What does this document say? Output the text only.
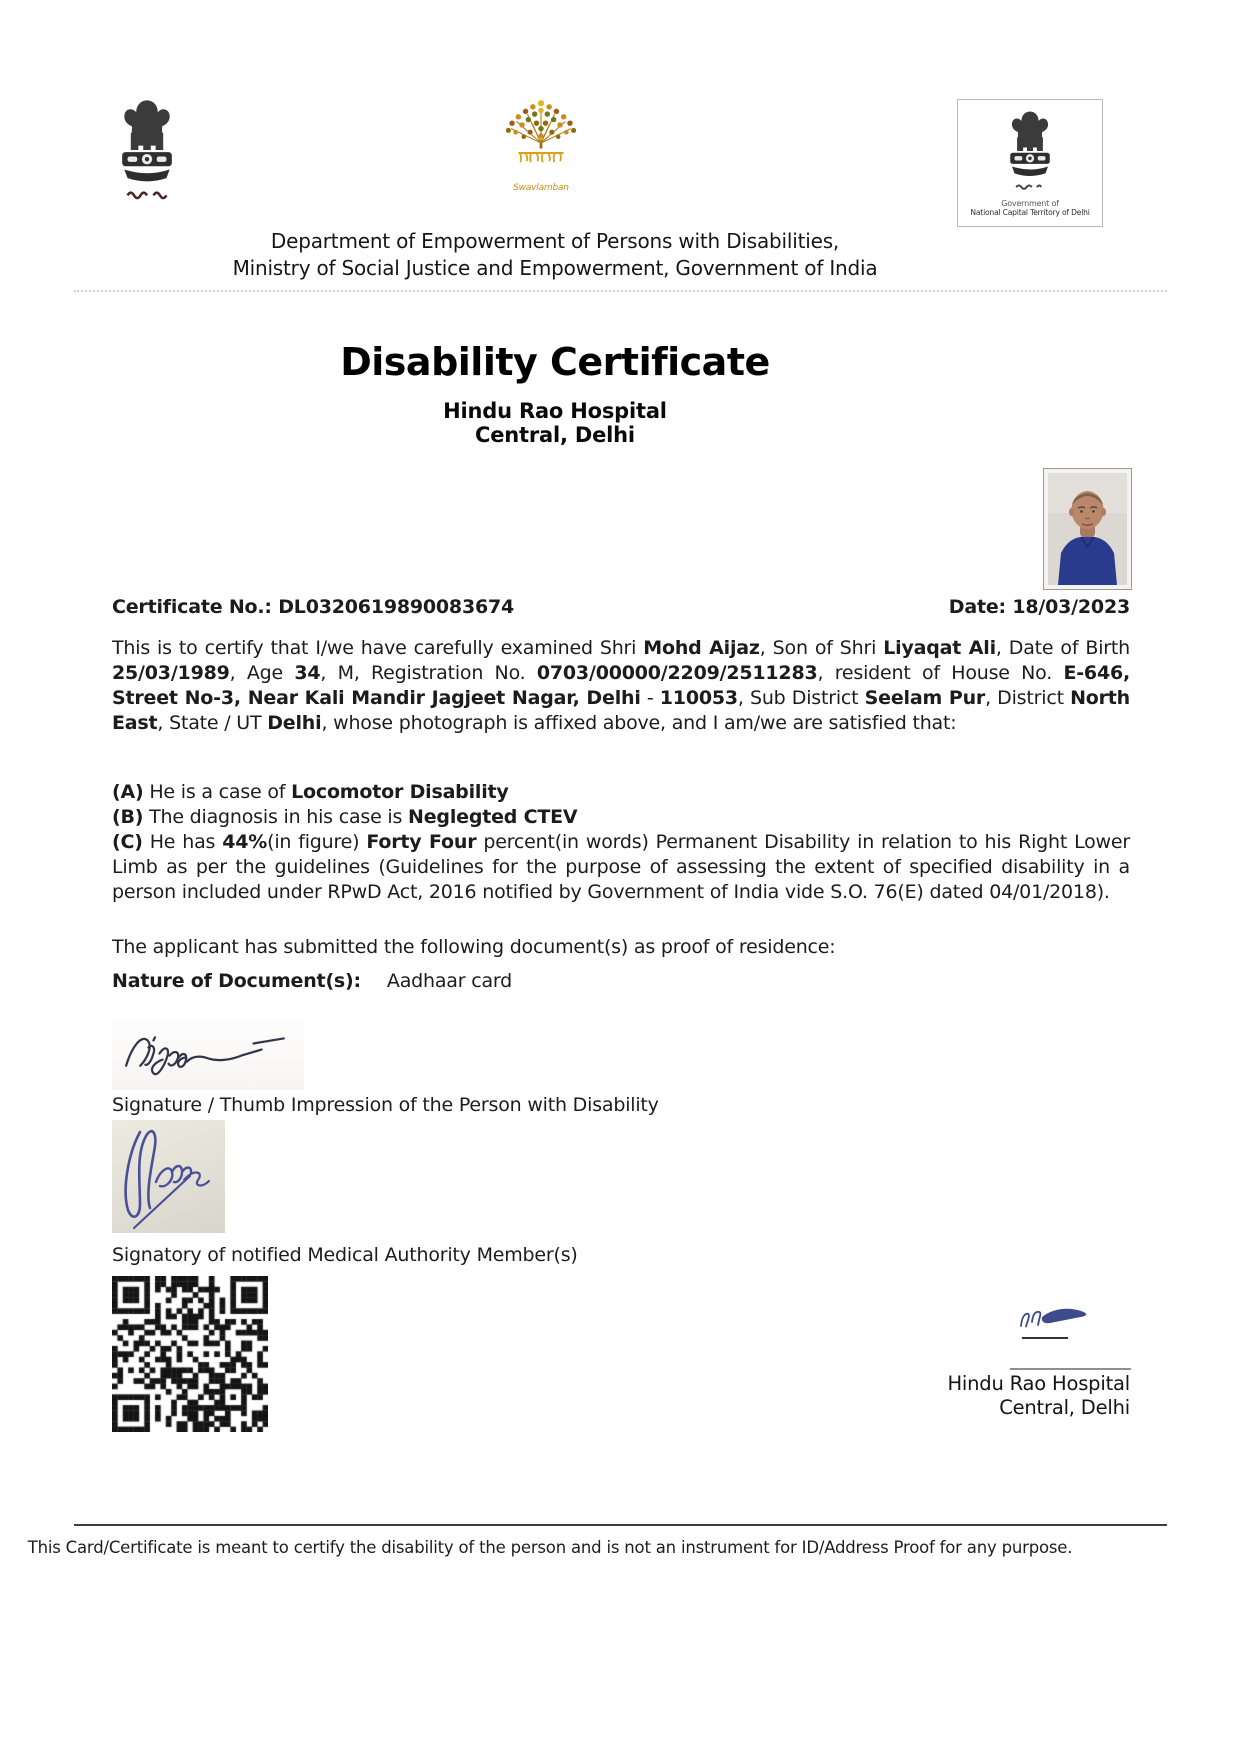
Swavlamban
Government of
National Capital Territory of Delhi
Department of Empowerment of Persons with Disabilities,
Ministry of Social Justice and Empowerment, Government of India
Disability Certificate
Hindu Rao Hospital
Central, Delhi
Certificate No.: DL0320619890083674	Date: 18/03/2023
This is to certify that I/we have carefully examined Shri Mohd Aijaz, Son of Shri Liyaqat Ali, Date of Birth 25/03/1989, Age 34, M, Registration No. 0703/00000/2209/2511283, resident of House No. E-646, Street No-3, Near Kali Mandir Jagjeet Nagar, Delhi - 110053, Sub District Seelam Pur, District North East, State / UT Delhi, whose photograph is affixed above, and I am/we are satisfied that:
(A) He is a case of Locomotor Disability
(B) The diagnosis in his case is Neglegted CTEV
(C) He has 44%(in figure) Forty Four percent(in words) Permanent Disability in relation to his Right Lower Limb as per the guidelines (Guidelines for the purpose of assessing the extent of specified disability in a person included under RPwD Act, 2016 notified by Government of India vide S.O. 76(E) dated 04/01/2018).
The applicant has submitted the following document(s) as proof of residence:
Nature of Document(s): Aadhaar card
Signature / Thumb Impression of the Person with Disability
Signatory of notified Medical Authority Member(s)
Hindu Rao Hospital
Central, Delhi
This Card/Certificate is meant to certify the disability of the person and is not an instrument for ID/Address Proof for any purpose.
